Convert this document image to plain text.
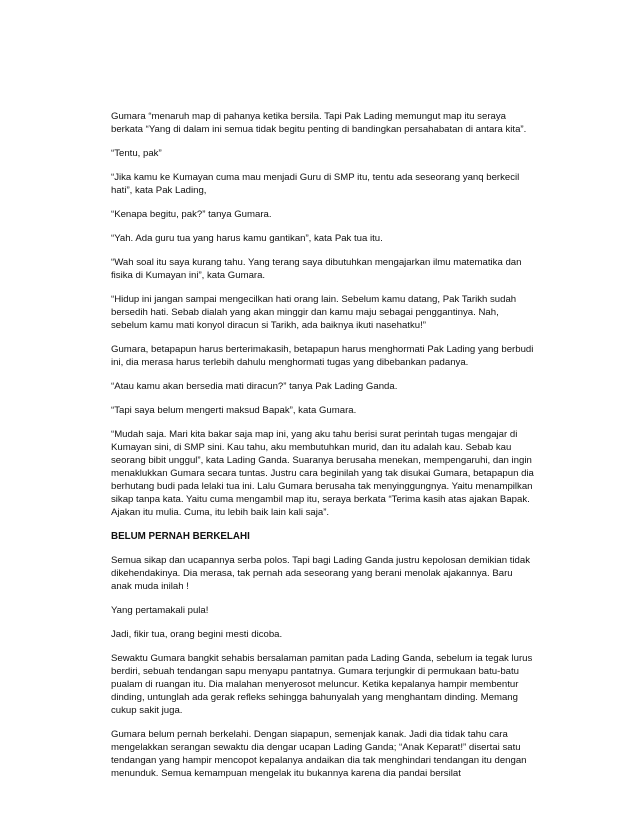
Gumara “menaruh map di pahanya ketika bersila. Tapi Pak Lading memungut map itu seraya berkata “Yang di dalam ini semua tidak begitu penting di bandingkan persahabatan di antara kita”.

“Tentu, pak”

“Jika kamu ke Kumayan cuma mau menjadi Guru di SMP itu, tentu ada seseorang yanq berkecil hati”, kata Pak Lading,

“Kenapa begitu, pak?” tanya Gumara.

“Yah. Ada guru tua yang harus kamu gantikan”, kata Pak tua itu.

“Wah soal itu saya kurang tahu. Yang terang saya dibutuhkan mengajarkan ilmu matematika dan fisika di Kumayan ini”, kata Gumara.

“Hidup ini jangan sampai mengecilkan hati orang lain. Sebelum kamu datang, Pak Tarikh sudah bersedih hati. Sebab dialah yang akan minggir dan kamu maju sebagai penggantinya. Nah, sebelum kamu mati konyol diracun si Tarikh, ada baiknya ikuti nasehatku!”

Gumara, betapapun harus berterimakasih, betapapun harus menghormati Pak Lading yang berbudi ini, dia merasa harus terlebih dahulu menghormati tugas yang dibebankan padanya.

“Atau kamu akan bersedia mati diracun?” tanya Pak Lading Ganda.

“Tapi saya belum mengerti maksud Bapak”, kata Gumara.

“Mudah saja. Mari kita bakar saja map ini, yang aku tahu berisi surat perintah tugas mengajar di Kumayan sini, di SMP sini. Kau tahu, aku membutuhkan murid, dan itu adalah kau. Sebab kau seorang bibit unggul”, kata Lading Ganda. Suaranya berusaha menekan, mempengaruhi, dan ingin menaklukkan Gumara secara tuntas. Justru cara beginilah yang tak disukai Gumara, betapapun dia berhutang budi pada lelaki tua ini. Lalu Gumara berusaha tak menyinggungnya. Yaitu menampilkan sikap tanpa kata. Yaitu cuma mengambil map itu, seraya berkata “Terima kasih atas ajakan Bapak. Ajakan itu mulia. Cuma, itu lebih baik lain kali saja”.

BELUM PERNAH BERKELAHI

Semua sikap dan ucapannya serba polos. Tapi bagi Lading Ganda justru kepolosan demikian tidak dikehendakinya. Dia merasa, tak pernah ada seseorang yang berani menolak ajakannya. Baru anak muda inilah !

Yang pertamakali pula!

Jadi, fikir tua, orang begini mesti dicoba.

Sewaktu Gumara bangkit sehabis bersalaman pamitan pada Lading Ganda, sebelum ia tegak lurus berdiri, sebuah tendangan sapu menyapu pantatnya. Gumara terjungkir di permukaan batu-batu pualam di ruangan itu. Dia malahan menyerosot meluncur. Ketika kepalanya hampir membentur dinding, untunglah ada gerak refleks sehingga bahunyalah yang menghantam dinding. Memang cukup sakit juga.

Gumara belum pernah berkelahi. Dengan siapapun, semenjak kanak. Jadi dia tidak tahu cara mengelakkan serangan sewaktu dia dengar ucapan Lading Ganda; “Anak Keparat!” disertai satu tendangan yang hampir mencopot kepalanya andaikan dia tak menghindari tendangan itu dengan menunduk. Semua kemampuan mengelak itu bukannya karena dia pandai bersilat
